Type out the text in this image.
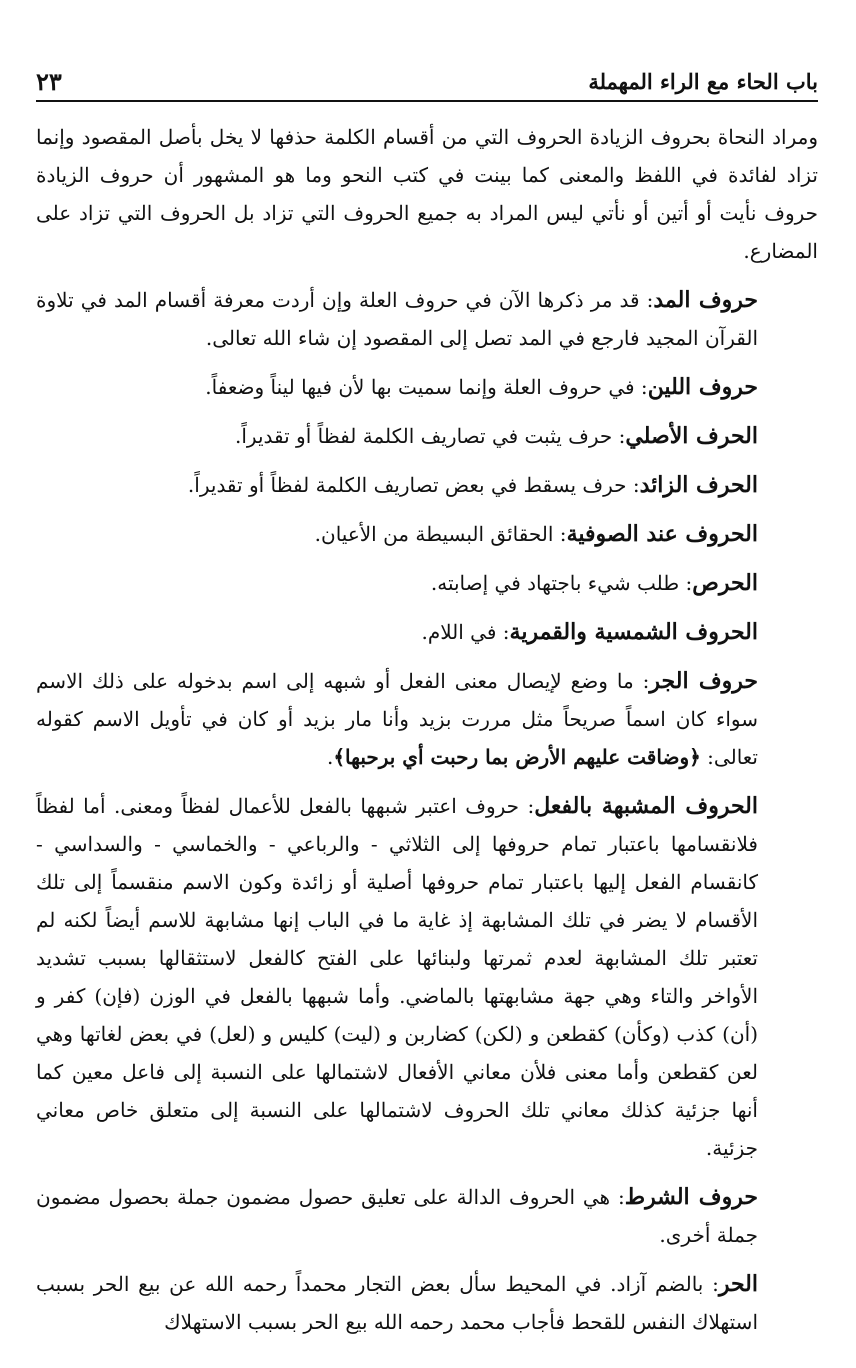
باب الحاء مع الراء المهملة
٢٣

ومراد النحاة بحروف الزيادة الحروف التي من أقسام الكلمة حذفها لا يخل بأصل المقصود وإنما تزاد لفائدة في اللفظ والمعنى كما بينت في كتب النحو وما هو المشهور أن حروف الزيادة حروف نأيت أو أتين أو نأتي ليس المراد به جميع الحروف التي تزاد بل الحروف التي تزاد على المضارع.

حروف المد: قد مر ذكرها الآن في حروف العلة وإن أردت معرفة أقسام المد في تلاوة القرآن المجيد فارجع في المد تصل إلى المقصود إن شاء الله تعالى.

حروف اللين: في حروف العلة وإنما سميت بها لأن فيها ليناً وضعفاً.

الحرف الأصلي: حرف يثبت في تصاريف الكلمة لفظاً أو تقديراً.

الحرف الزائد: حرف يسقط في بعض تصاريف الكلمة لفظاً أو تقديراً.

الحروف عند الصوفية: الحقائق البسيطة من الأعيان.

الحرص: طلب شيء باجتهاد في إصابته.

الحروف الشمسية والقمرية: في اللام.

حروف الجر: ما وضع لإيصال معنى الفعل أو شبهه إلى اسم بدخوله على ذلك الاسم سواء كان اسماً صريحاً مثل مررت بزيد وأنا مار بزيد أو كان في تأويل الاسم كقوله تعالى: ﴿وضاقت عليهم الأرض بما رحبت أي برحبها﴾.

الحروف المشبهة بالفعل: حروف اعتبر شبهها بالفعل للأعمال لفظاً ومعنى. أما لفظاً فلانقسامها باعتبار تمام حروفها إلى الثلاثي - والرباعي - والخماسي - والسداسي - كانقسام الفعل إليها باعتبار تمام حروفها أصلية أو زائدة وكون الاسم منقسماً إلى تلك الأقسام لا يضر في تلك المشابهة إذ غاية ما في الباب إنها مشابهة للاسم أيضاً لكنه لم تعتبر تلك المشابهة لعدم ثمرتها ولبنائها على الفتح كالفعل لاستثقالها بسبب تشديد الأواخر والتاء وهي جهة مشابهتها بالماضي. وأما شبهها بالفعل في الوزن (فإن) كفر و (أن) كذب (وكأن) كقطعن و (لكن) كضاربن و (ليت) كليس و (لعل) في بعض لغاتها وهي لعن كقطعن وأما معنى فلأن معاني الأفعال لاشتمالها على النسبة إلى فاعل معين كما أنها جزئية كذلك معاني تلك الحروف لاشتمالها على النسبة إلى متعلق خاص معاني جزئية.

حروف الشرط: هي الحروف الدالة على تعليق حصول مضمون جملة بحصول مضمون جملة أخرى.

الحر: بالضم آزاد. في المحيط سأل بعض التجار محمداً رحمه الله عن بيع الحر بسبب استهلاك النفس للقحط فأجاب محمد رحمه الله بيع الحر بسبب الاستهلاك
